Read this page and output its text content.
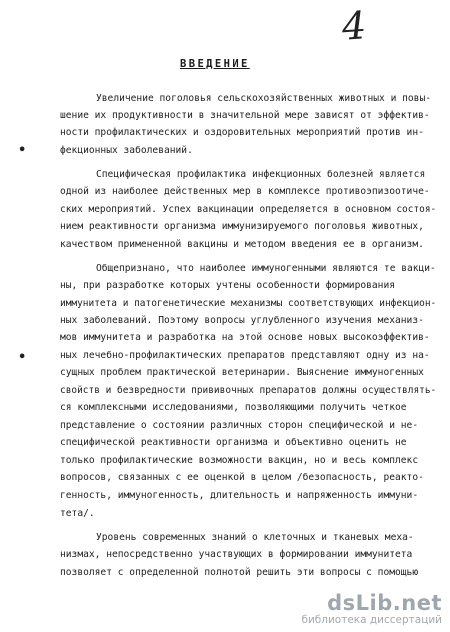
4
ВВЕДЕНИЕ
Увеличение поголовья сельскохозяйственных животных и повы-
шение их продуктивности в значительной мере зависят от эффектив-
ности профилактических и оздоровительных мероприятий против ин-
фекционных заболеваний.
Специфическая профилактика инфекционных болезней является
одной из наиболее действенных мер в комплексе противоэпизоотиче-
ских мероприятий. Успех вакцинации определяется в основном состоя-
нием реактивности организма иммунизируемого поголовья животных,
качеством примененной вакцины и методом введения ее в организм.
Общепризнано, что наиболее иммуногенными являются те вакци-
ны, при разработке которых учтены особенности формирования
иммунитета и патогенетические механизмы соответствующих инфекцион-
ных заболеваний. Поэтому вопросы углубленного изучения механиз-
мов иммунитета и разработка на этой основе новых высокоэффектив-
ных лечебно-профилактических препаратов представляют одну из на-
сущных проблем практической ветеринарии. Выяснение иммуногенных
свойств и безвредности прививочных препаратов должны осуществлять-
ся комплексными исследованиями, позволяющими получить четкое
представление о состоянии различных сторон специфической и не-
специфической реактивности организма и объективно оценить не
только профилактические возможности вакцин, но и весь комплекс
вопросов, связанных с ее оценкой в целом /безопасность, реакто-
генность, иммуногенность, длительность и напряженность иммуни-
тета/.
Уровень современных знаний о клеточных и тканевых меха-
низмах, непосредственно участвующих в формировании иммунитета
позволяет с определенной полнотой решить эти вопросы с помощью
•
•
dsLib.net
библиотека диссертаций
